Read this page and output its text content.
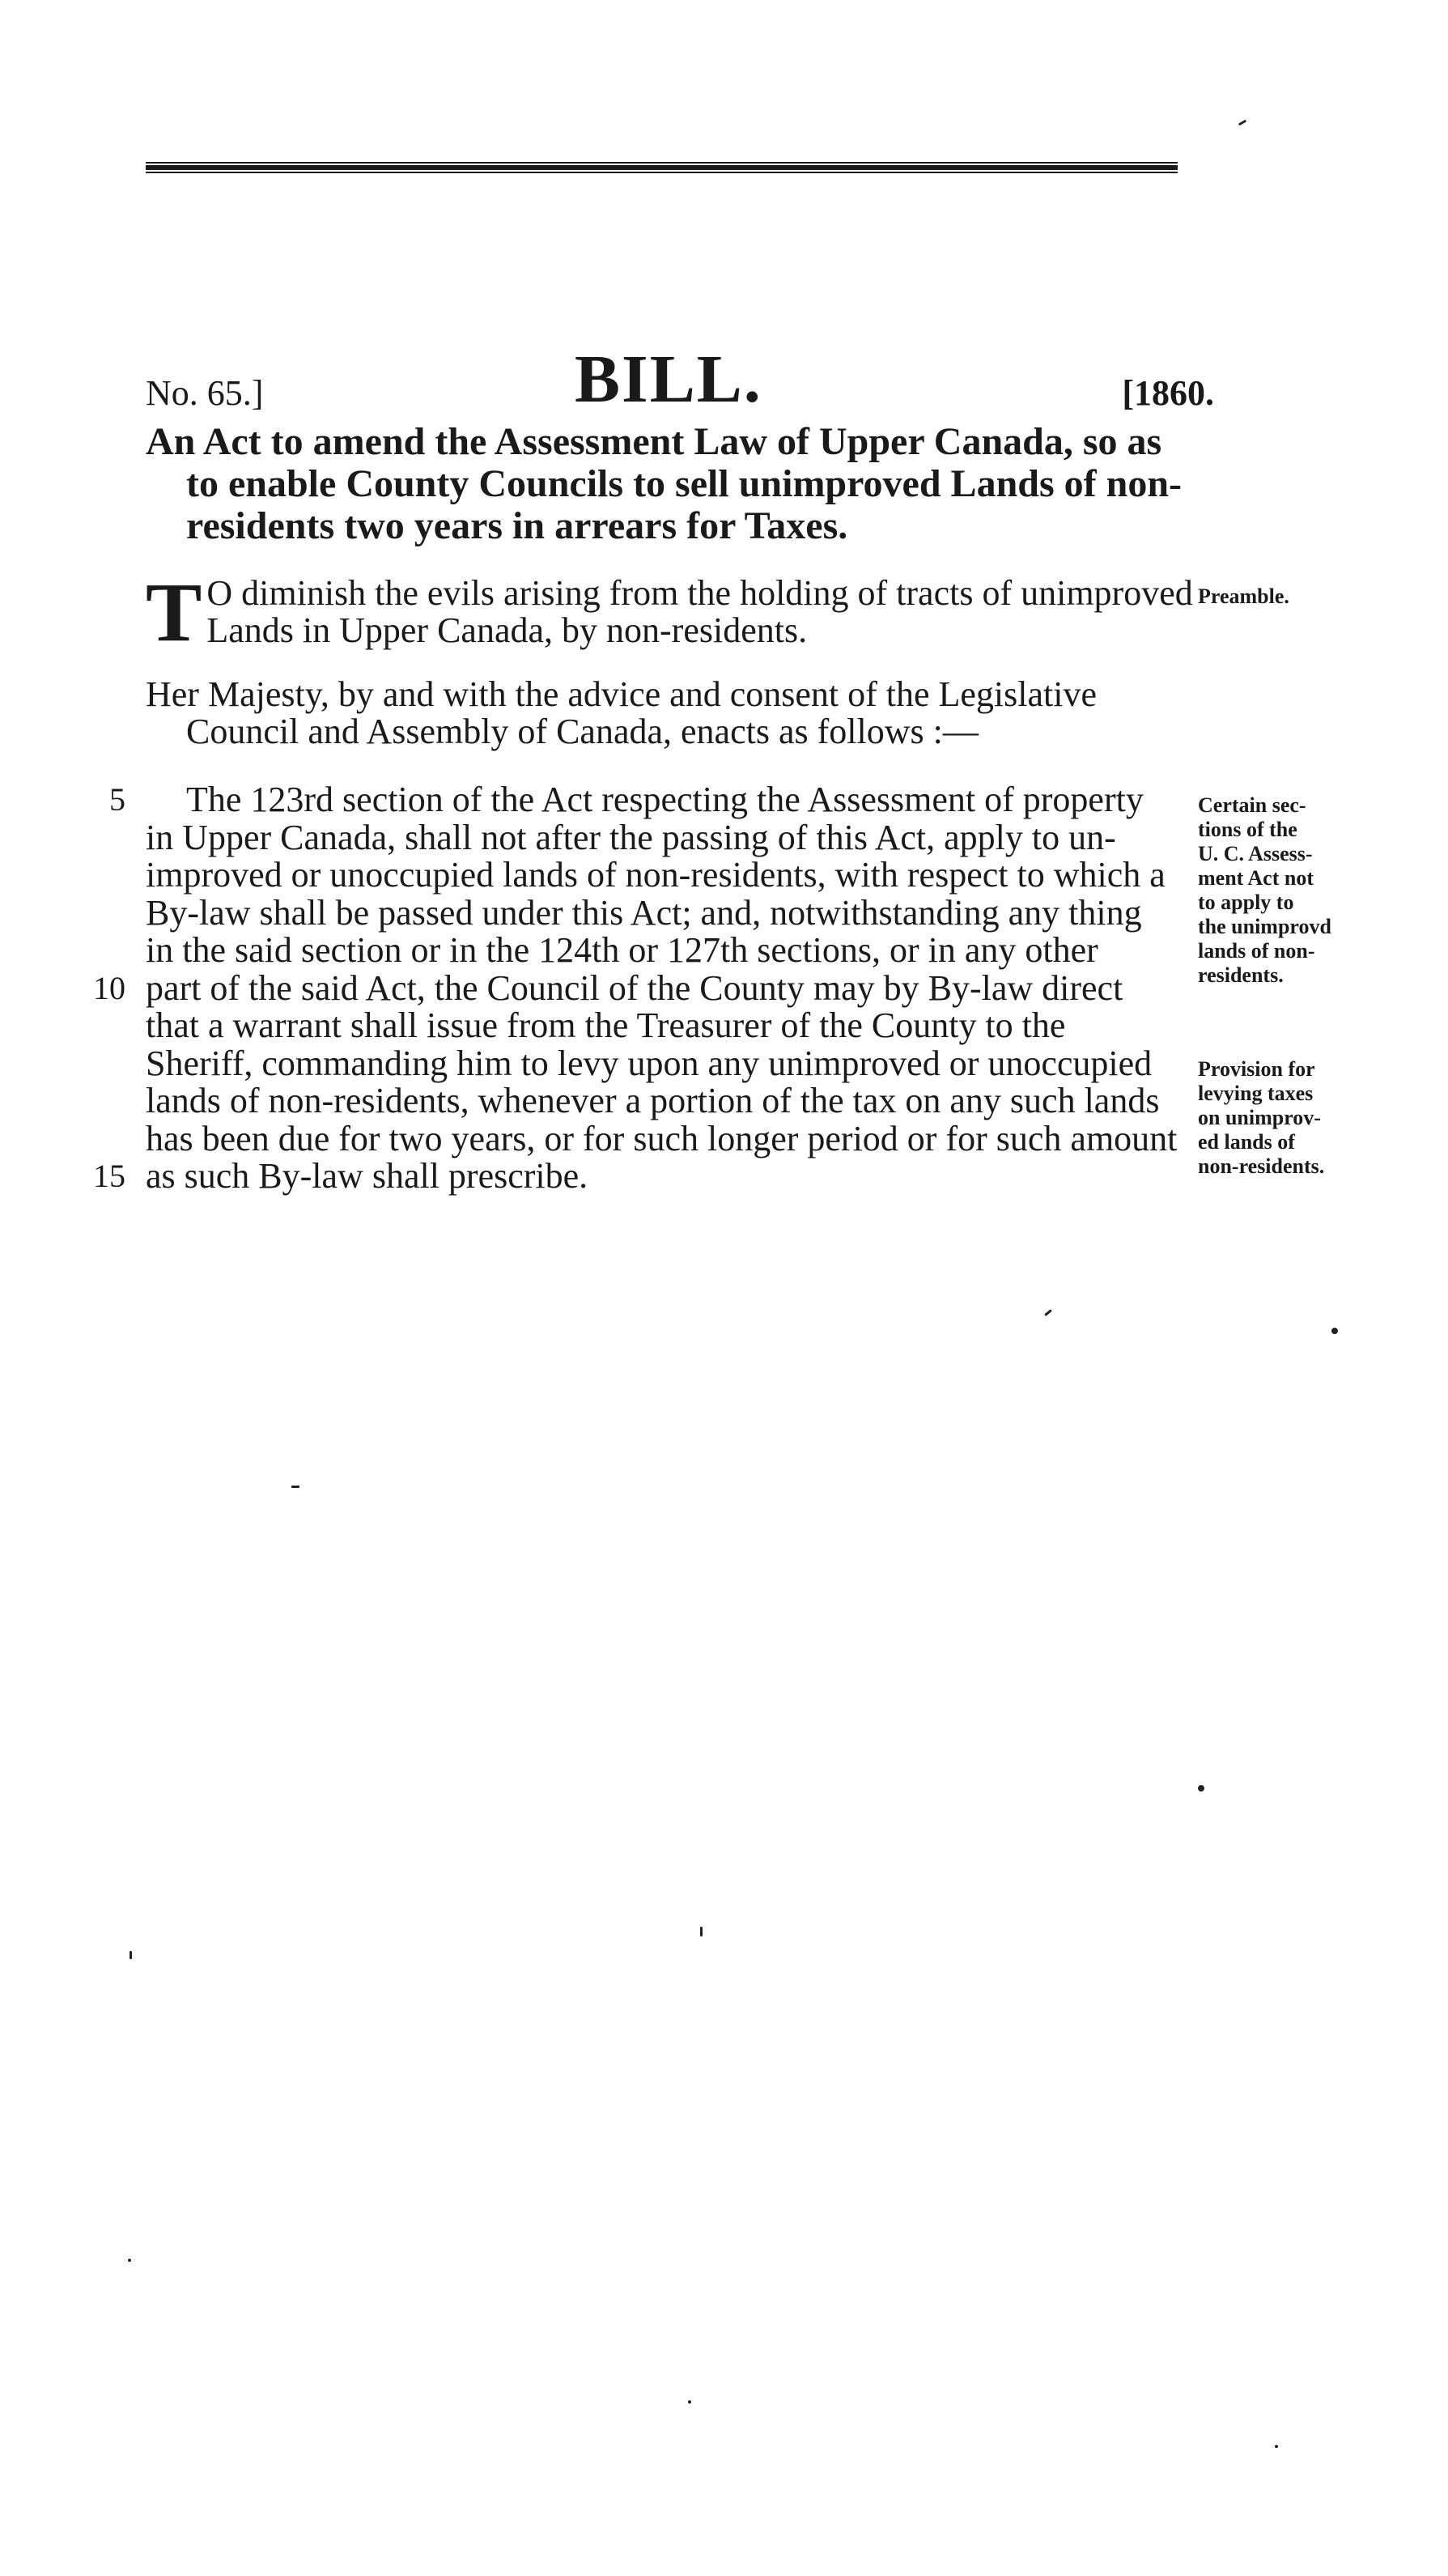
No. 65.]	BILL.	[1860.
An Act to amend the Assessment Law of Upper Canada, so as
to enable County Councils to sell unimproved Lands of non-
residents two years in arrears for Taxes.
T O diminish the evils arising from the holding of tracts of unimproved
Lands in Upper Canada, by non-residents.
Preamble.
Her Majesty, by and with the advice and consent of the Legislative
Council and Assembly of Canada, enacts as follows :—
The 123rd section of the Act respecting the Assessment of property
in Upper Canada, shall not after the passing of this Act, apply to un-
improved or unoccupied lands of non-residents, with respect to which a
By-law shall be passed under this Act; and, notwithstanding any thing
in the said section or in the 124th or 127th sections, or in any other
part of the said Act, the Council of the County may by By-law direct
that a warrant shall issue from the Treasurer of the County to the
Sheriff, commanding him to levy upon any unimproved or unoccupied
lands of non-residents, whenever a portion of the tax on any such lands
has been due for two years, or for such longer period or for such amount
as such By-law shall prescribe.
5
10
15
Certain sec-
tions of the
U. C. Assess-
ment Act not
to apply to
the unimprovd
lands of non-
residents.
Provision for
levying taxes
on unimprov-
ed lands of
non-residents.
